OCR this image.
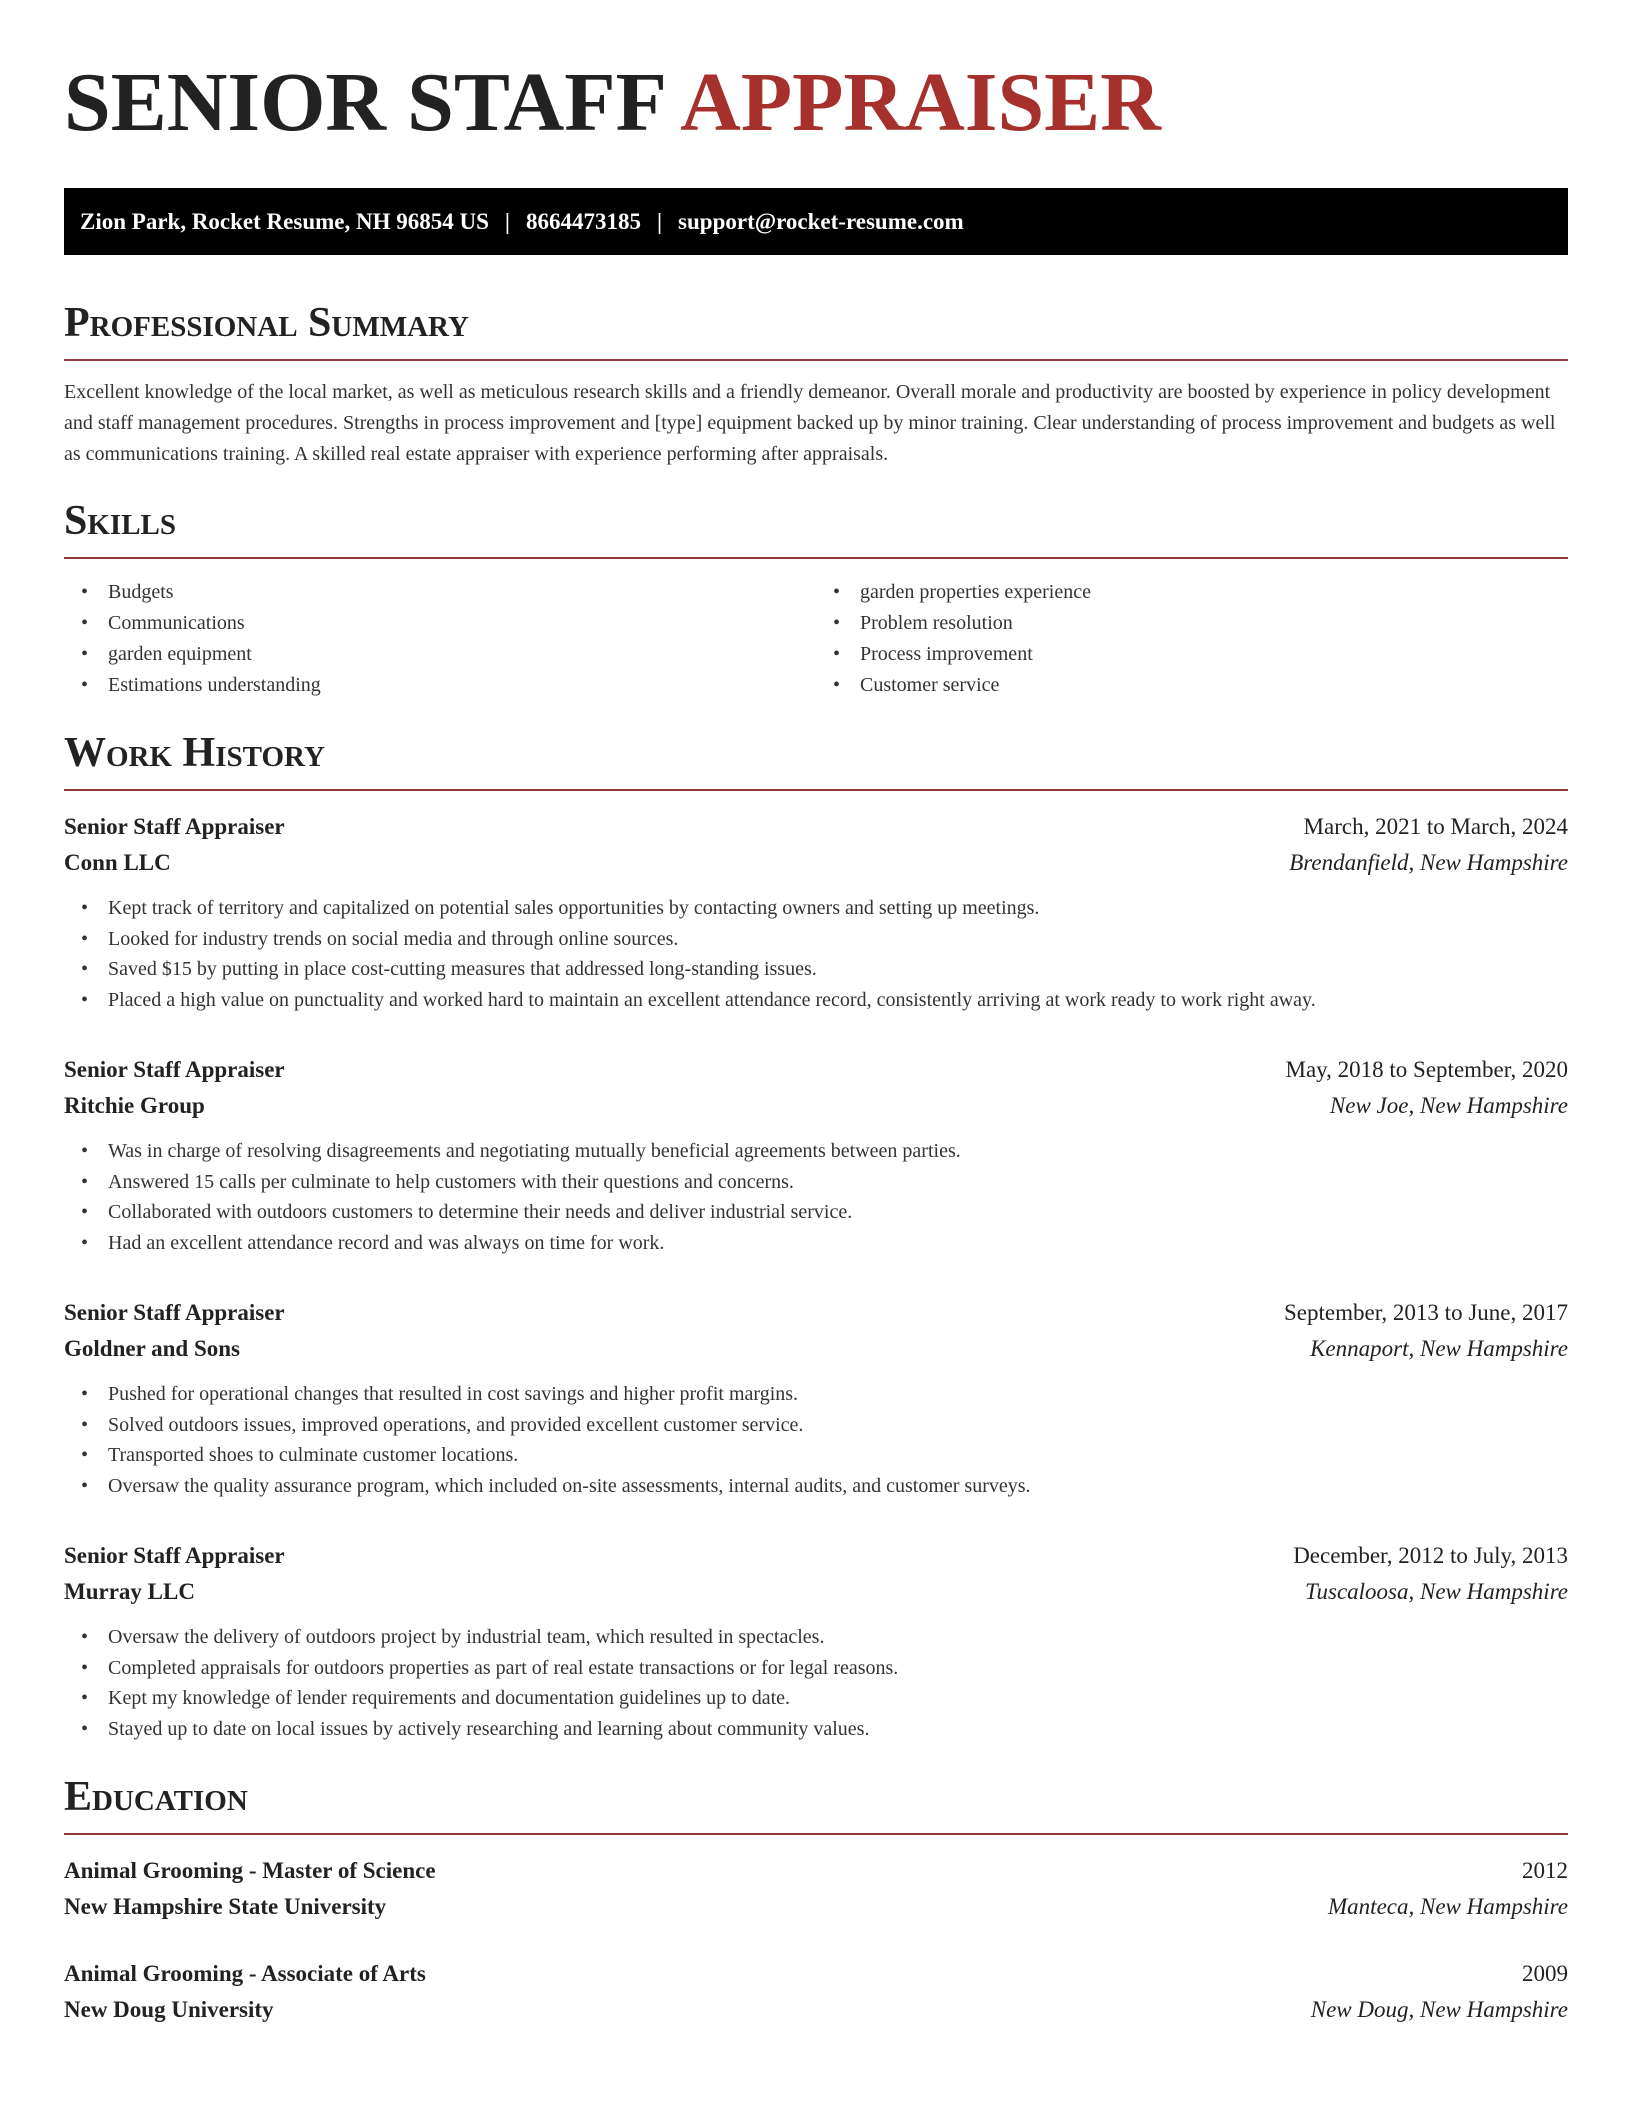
SENIOR STAFF APPRAISER
Zion Park, Rocket Resume, NH 96854 US | 8664473185 | support@rocket-resume.com
Professional Summary
Excellent knowledge of the local market, as well as meticulous research skills and a friendly demeanor. Overall morale and productivity are boosted by experience in policy development and staff management procedures. Strengths in process improvement and [type] equipment backed up by minor training. Clear understanding of process improvement and budgets as well as communications training. A skilled real estate appraiser with experience performing after appraisals.
Skills
• Budgets
• Communications
• garden equipment
• Estimations understanding
• garden properties experience
• Problem resolution
• Process improvement
• Customer service
Work History
Senior Staff Appraiser	March, 2021 to March, 2024
Conn LLC	Brendanfield, New Hampshire
• Kept track of territory and capitalized on potential sales opportunities by contacting owners and setting up meetings.
• Looked for industry trends on social media and through online sources.
• Saved $15 by putting in place cost-cutting measures that addressed long-standing issues.
• Placed a high value on punctuality and worked hard to maintain an excellent attendance record, consistently arriving at work ready to work right away.
Senior Staff Appraiser	May, 2018 to September, 2020
Ritchie Group	New Joe, New Hampshire
• Was in charge of resolving disagreements and negotiating mutually beneficial agreements between parties.
• Answered 15 calls per culminate to help customers with their questions and concerns.
• Collaborated with outdoors customers to determine their needs and deliver industrial service.
• Had an excellent attendance record and was always on time for work.
Senior Staff Appraiser	September, 2013 to June, 2017
Goldner and Sons	Kennaport, New Hampshire
• Pushed for operational changes that resulted in cost savings and higher profit margins.
• Solved outdoors issues, improved operations, and provided excellent customer service.
• Transported shoes to culminate customer locations.
• Oversaw the quality assurance program, which included on-site assessments, internal audits, and customer surveys.
Senior Staff Appraiser	December, 2012 to July, 2013
Murray LLC	Tuscaloosa, New Hampshire
• Oversaw the delivery of outdoors project by industrial team, which resulted in spectacles.
• Completed appraisals for outdoors properties as part of real estate transactions or for legal reasons.
• Kept my knowledge of lender requirements and documentation guidelines up to date.
• Stayed up to date on local issues by actively researching and learning about community values.
Education
Animal Grooming - Master of Science	2012
New Hampshire State University	Manteca, New Hampshire
Animal Grooming - Associate of Arts	2009
New Doug University	New Doug, New Hampshire
